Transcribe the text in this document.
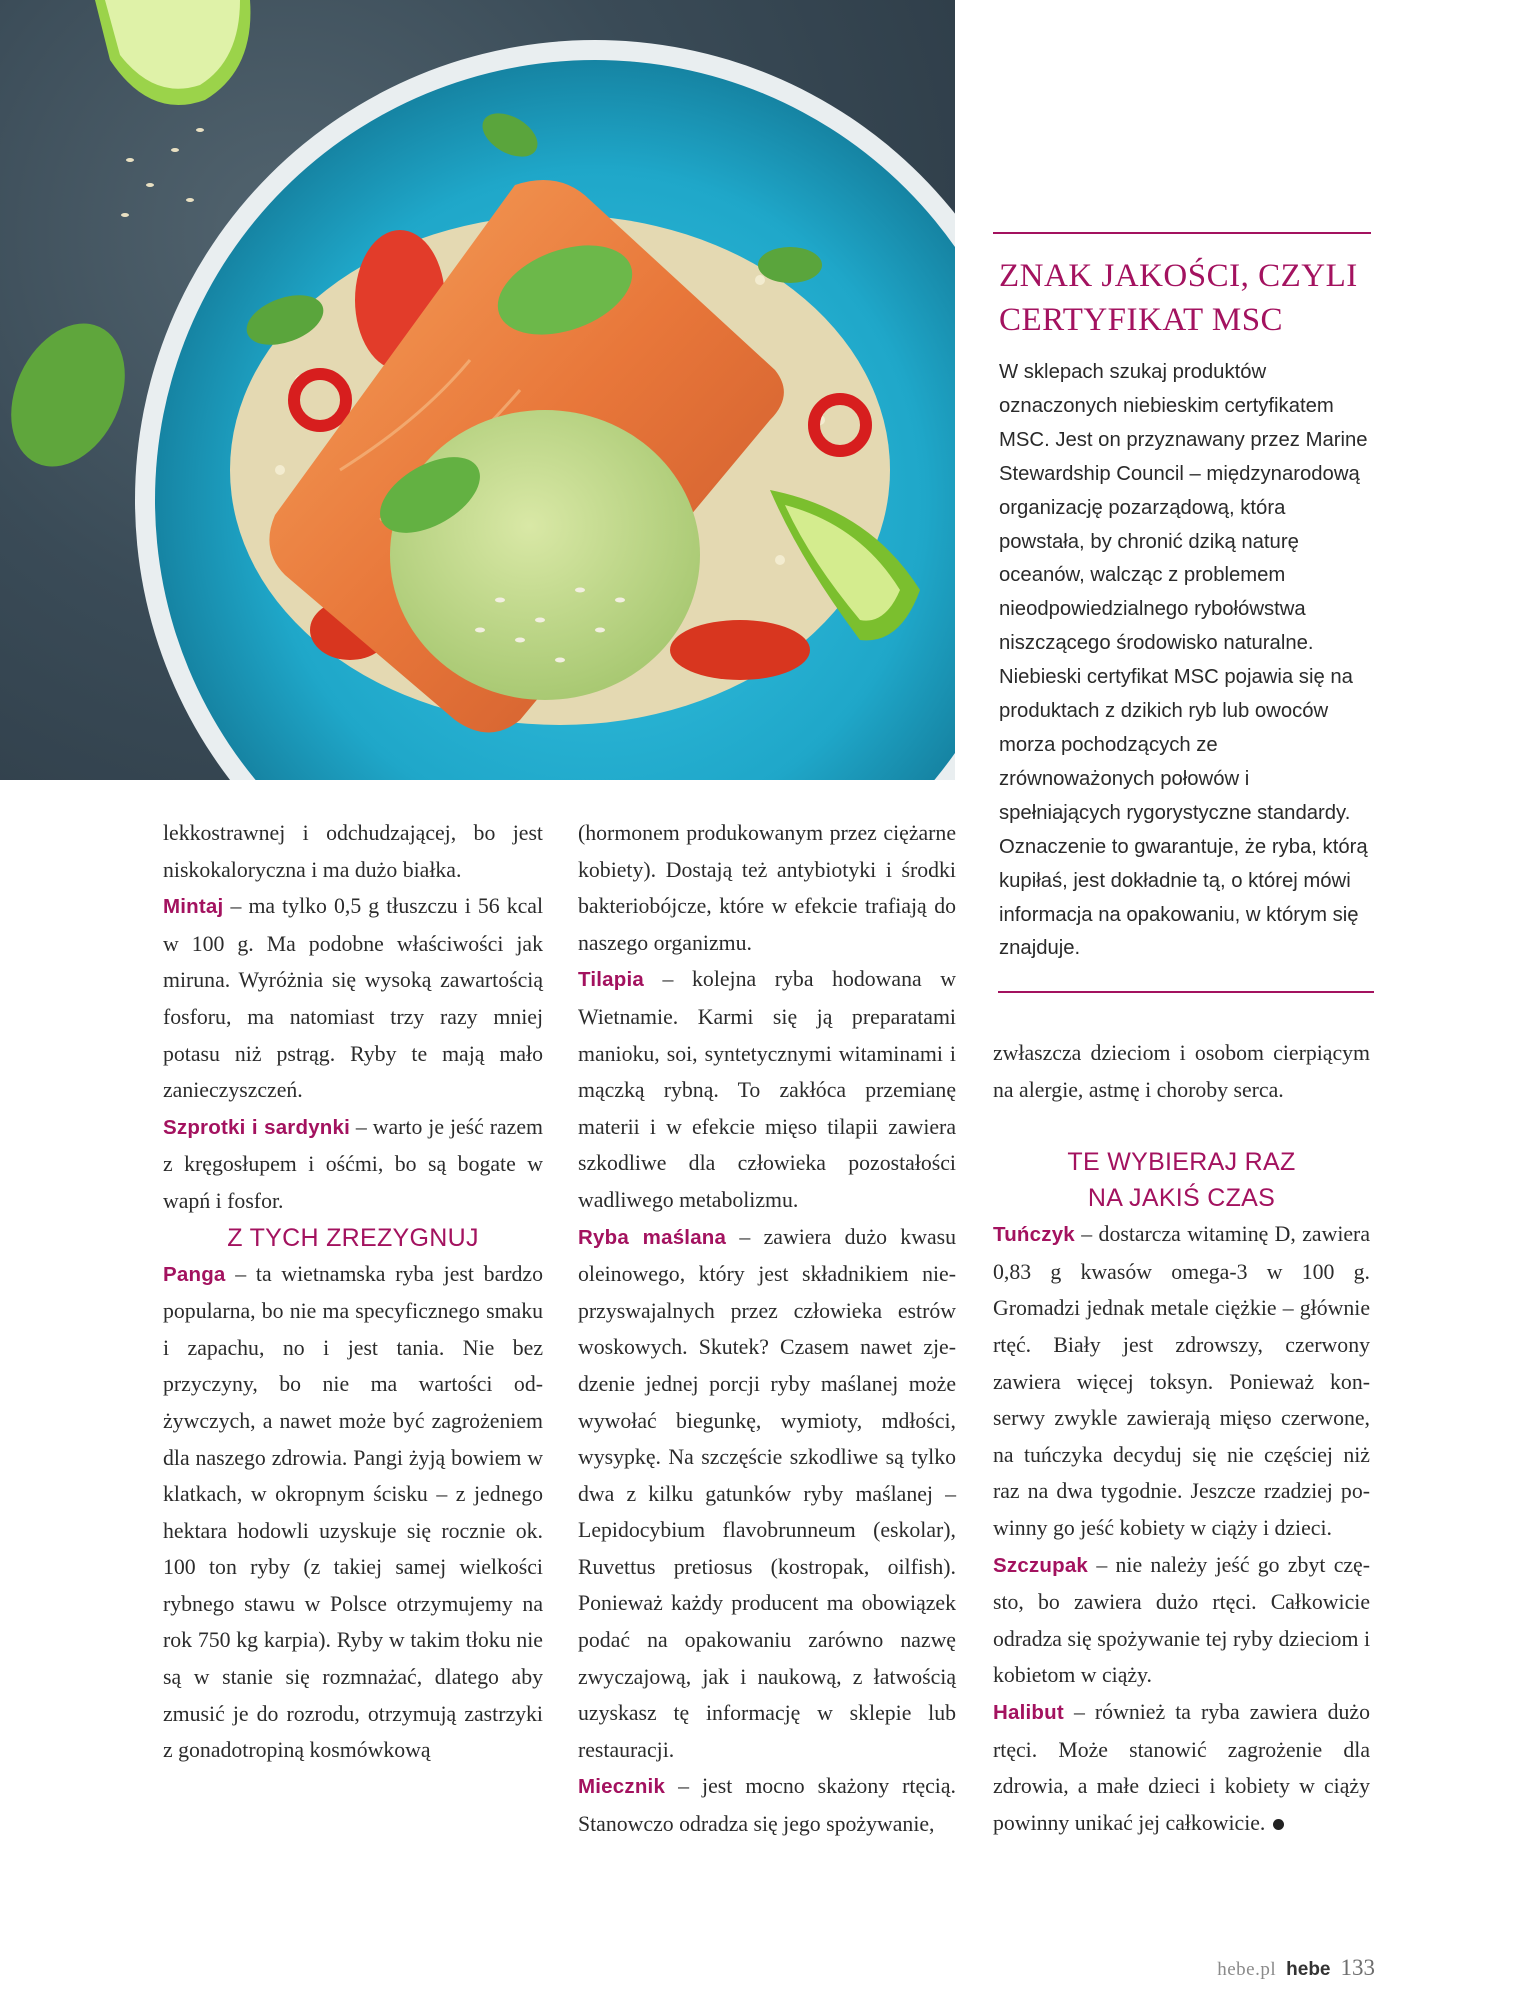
lekkostrawnej i odchudzającej, bo jest niskokaloryczna i ma dużo białka.

Mintaj – ma tylko 0,5 g tłuszczu i 56 kcal w 100 g. Ma podobne właściwości jak miruna. Wyróżnia się wysoką zawartością fosforu, ma natomiast trzy razy mniej potasu niż pstrąg. Ryby te mają mało zanieczyszczeń.

Szprotki i sardynki – warto je jeść razem z kręgosłupem i ośćmi, bo są bogate w wapń i fosfor.

Z TYCH ZREZYGNUJ

Panga – ta wietnamska ryba jest bardzo popularna, bo nie ma specyficznego smaku i zapachu, no i jest tania. Nie bez przyczyny, bo nie ma wartości odżywczych, a nawet może być zagrożeniem dla naszego zdrowia. Pangi żyją bowiem w klatkach, w okropnym ścisku – z jednego hektara hodowli uzyskuje się rocznie ok. 100 ton ryby (z takiej samej wielkości rybnego stawu w Polsce otrzymujemy na rok 750 kg karpia). Ryby w takim tłoku nie są w stanie się rozmnażać, dlatego aby zmusić je do rozrodu, otrzymują zastrzyki z gonadotropiną kosmówkową

(hormonem produkowanym przez ciężarne kobiety). Dostają też antybiotyki i środki bakteriobójcze, które w efekcie trafiają do naszego organizmu.

Tilapia – kolejna ryba hodowana w Wietnamie. Karmi się ją preparatami manioku, soi, syntetycznymi witaminami i mączką rybną. To zakłóca przemianę materii i w efekcie mięso tilapii zawiera szkodliwe dla człowieka pozostałości wadliwego metabolizmu.

Ryba maślana – zawiera dużo kwasu oleinowego, który jest składnikiem nieprzyswajalnych przez człowieka estrów woskowych. Skutek? Czasem nawet zjedzenie jednej porcji ryby maślanej może wywołać biegunkę, wymioty, mdłości, wysypkę. Na szczęście szkodliwe są tylko dwa z kilku gatunków ryby maślanej – Lepidocybium flavobrunneum (eskolar), Ruvettus pretiosus (kostropak, oilfish). Ponieważ każdy producent ma obowiązek podać na opakowaniu zarówno nazwę zwyczajową, jak i naukową, z łatwością uzyskasz tę informację w sklepie lub restauracji.

Miecznik – jest mocno skażony rtęcią. Stanowczo odradza się jego spożywanie,

ZNAK JAKOŚCI, CZYLI
CERTYFIKAT MSC

W sklepach szukaj produktów oznaczonych niebieskim certyfikatem MSC. Jest on przyznawany przez Marine Stewardship Council – międzynarodową organizację pozarządową, która powstała, by chronić dziką naturę oceanów, walcząc z problemem nieodpowiedzialnego rybołówstwa niszczącego środowisko naturalne. Niebieski certyfikat MSC pojawia się na produktach z dzikich ryb lub owoców morza pochodzących ze zrównoważonych połowów i spełniających rygorystyczne standardy. Oznaczenie to gwarantuje, że ryba, którą kupiłaś, jest dokładnie tą, o której mówi informacja na opakowaniu, w którym się znajduje.

zwłaszcza dzieciom i osobom cierpiącym na alergie, astmę i choroby serca.

TE WYBIERAJ RAZ
NA JAKIŚ CZAS

Tuńczyk – dostarcza witaminę D, zawiera 0,83 g kwasów omega-3 w 100 g. Gromadzi jednak metale ciężkie – głównie rtęć. Biały jest zdrowszy, czerwony zawiera więcej toksyn. Ponieważ konserwy zwykle zawierają mięso czerwone, na tuńczyka decyduj się nie częściej niż raz na dwa tygodnie. Jeszcze rzadziej powinny go jeść kobiety w ciąży i dzieci.

Szczupak – nie należy jeść go zbyt często, bo zawiera dużo rtęci. Całkowicie odradza się spożywanie tej ryby dzieciom i kobietom w ciąży.

Halibut – również ta ryba zawiera dużo rtęci. Może stanowić zagrożenie dla zdrowia, a małe dzieci i kobiety w ciąży powinny unikać jej całkowicie.

hebe.pl hebe 133
